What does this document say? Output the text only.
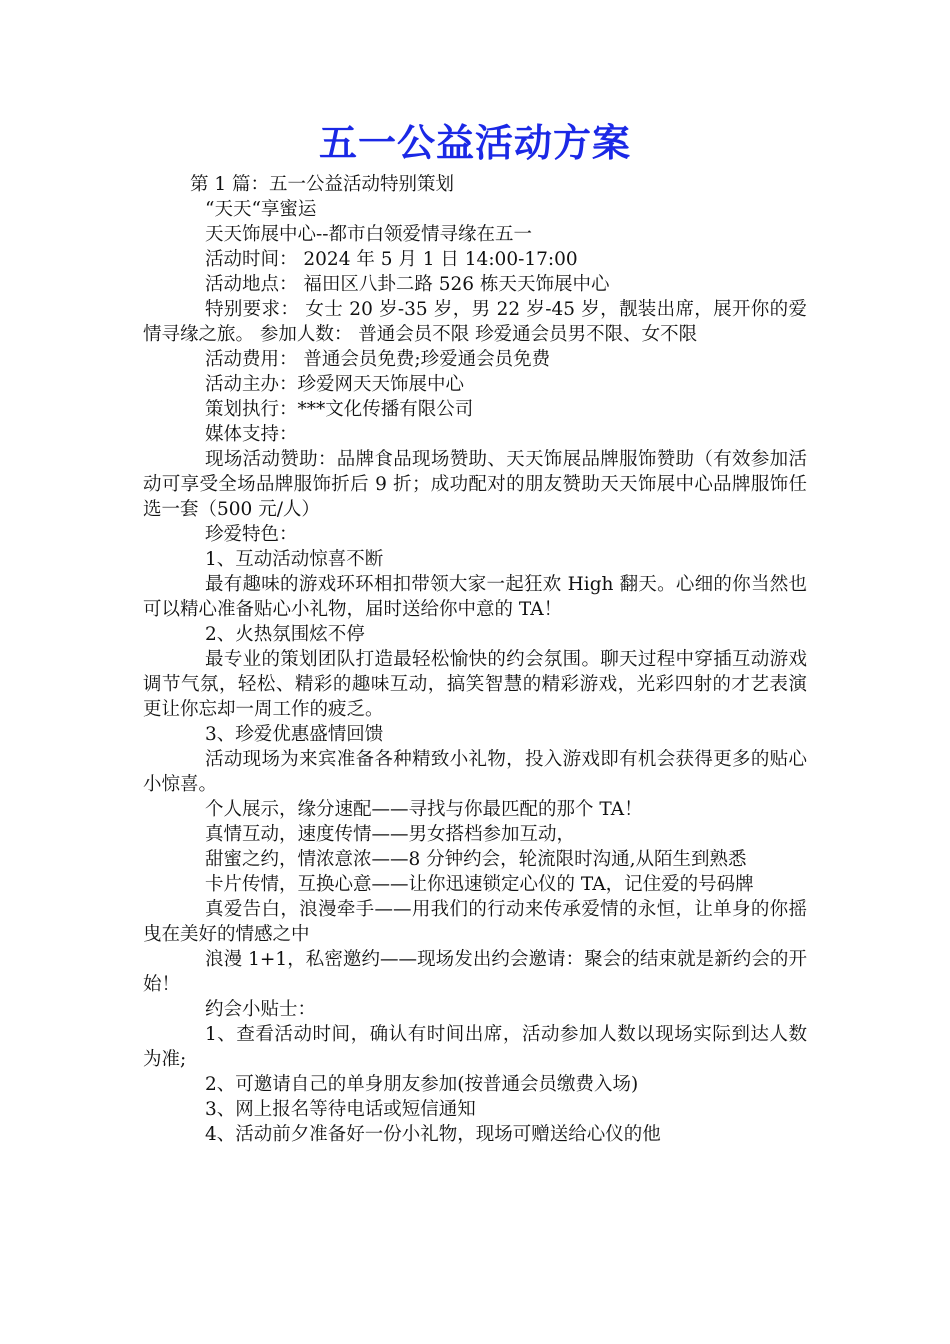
五一公益活动方案

第 1 篇：五一公益活动特别策划

“天天“享蜜运

天天饰展中心--都市白领爱情寻缘在五一

活动时间： 2024 年 5 月 1 日 14:00-17:00

活动地点： 福田区八卦二路 526 栋天天饰展中心

特别要求： 女士 20 岁-35 岁，男 22 岁-45 岁，靓装出席，展开你的爱情寻缘之旅。 参加人数： 普通会员不限 珍爱通会员男不限、女不限

活动费用： 普通会员免费;珍爱通会员免费

活动主办：珍爱网天天饰展中心

策划执行：***文化传播有限公司

媒体支持：

现场活动赞助：品牌食品现场赞助、天天饰展品牌服饰赞助（有效参加活动可享受全场品牌服饰折后 9 折；成功配对的朋友赞助天天饰展中心品牌服饰任选一套（500 元/人）

珍爱特色：

1、互动活动惊喜不断

最有趣味的游戏环环相扣带领大家一起狂欢 High 翻天。心细的你当然也可以精心准备贴心小礼物，届时送给你中意的 TA！

2、火热氛围炫不停

最专业的策划团队打造最轻松愉快的约会氛围。聊天过程中穿插互动游戏调节气氛，轻松、精彩的趣味互动，搞笑智慧的精彩游戏，光彩四射的才艺表演更让你忘却一周工作的疲乏。

3、珍爱优惠盛情回馈

活动现场为来宾准备各种精致小礼物，投入游戏即有机会获得更多的贴心小惊喜。

个人展示，缘分速配——寻找与你最匹配的那个 TA！

真情互动，速度传情——男女搭档参加互动，

甜蜜之约，情浓意浓——8 分钟约会，轮流限时沟通,从陌生到熟悉

卡片传情，互换心意——让你迅速锁定心仪的 TA，记住爱的号码牌

真爱告白，浪漫牵手——用我们的行动来传承爱情的永恒，让单身的你摇曳在美好的情感之中

浪漫 1+1，私密邀约——现场发出约会邀请：聚会的结束就是新约会的开始！

约会小贴士：

1、查看活动时间，确认有时间出席，活动参加人数以现场实际到达人数为准;

2、可邀请自己的单身朋友参加(按普通会员缴费入场)

3、网上报名等待电话或短信通知

4、活动前夕准备好一份小礼物，现场可赠送给心仪的他
